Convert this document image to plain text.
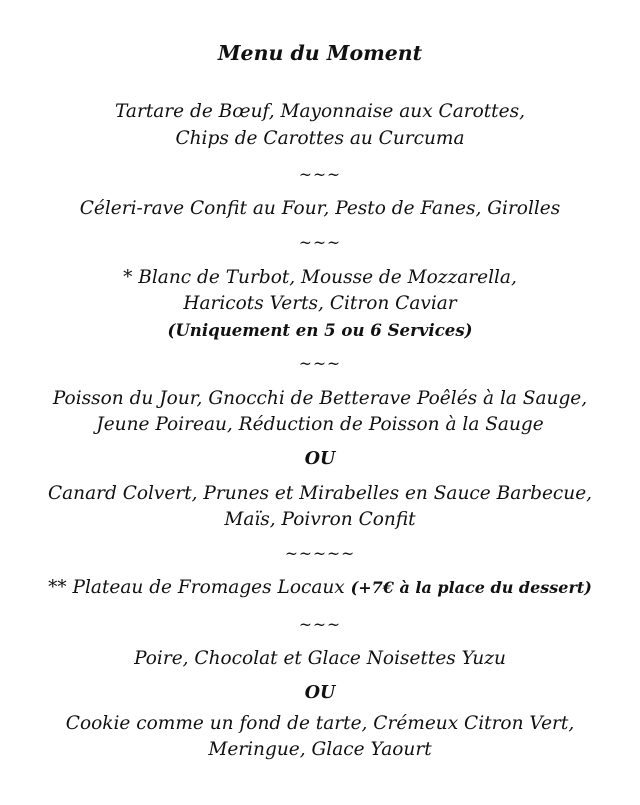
Menu du Moment
Tartare de Bœuf, Mayonnaise aux Carottes,
Chips de Carottes au Curcuma
~~~
Céleri-rave Confit au Four, Pesto de Fanes, Girolles
~~~
* Blanc de Turbot, Mousse de Mozzarella,
Haricots Verts, Citron Caviar
(Uniquement en 5 ou 6 Services)
~~~
Poisson du Jour, Gnocchi de Betterave Poêlés à la Sauge,
Jeune Poireau, Réduction de Poisson à la Sauge
OU
Canard Colvert, Prunes et Mirabelles en Sauce Barbecue,
Maïs, Poivron Confit
~~~~~
** Plateau de Fromages Locaux (+7€ à la place du dessert)
~~~
Poire, Chocolat et Glace Noisettes Yuzu
OU
Cookie comme un fond de tarte, Crémeux Citron Vert,
Meringue, Glace Yaourt
